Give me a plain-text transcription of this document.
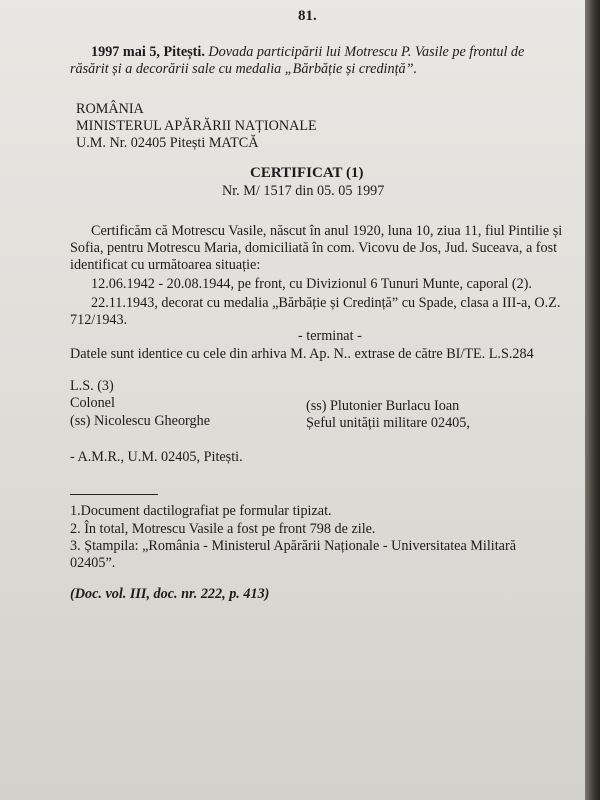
81.
1997 mai 5, Pitești. Dovada participării lui Motrescu P. Vasile pe frontul de
răsărit și a decorării sale cu medalia „Bărbăție și credință”.
ROMÂNIA
MINISTERUL APĂRĂRII NAȚIONALE
U.M. Nr. 02405 Pitești MATCĂ
CERTIFICAT (1)
Nr. M/ 1517 din 05. 05 1997
Certificăm că Motrescu Vasile, născut în anul 1920, luna 10, ziua 11, fiul Pintilie și
Sofia, pentru Motrescu Maria, domiciliată în com. Vicovu de Jos, Jud. Suceava, a fost
identificat cu următoarea situație:
12.06.1942 - 20.08.1944, pe front, cu Divizionul 6 Tunuri Munte, caporal (2).
22.11.1943, decorat cu medalia „Bărbăție și Credință” cu Spade, clasa a III-a, O.Z.
712/1943.
- terminat -
Datele sunt identice cu cele din arhiva M. Ap. N.. extrase de către BI/TE. L.S.284
L.S. (3)
Colonel
(ss) Nicolescu Gheorghe
(ss) Plutonier Burlacu Ioan
Șeful unității militare 02405,
- A.M.R., U.M. 02405, Pitești.
1.Document dactilografiat pe formular tipizat.
2. În total, Motrescu Vasile a fost pe front 798 de zile.
3. Ștampila: „România - Ministerul Apărării Naționale - Universitatea Militară
02405”.
(Doc. vol. III, doc. nr. 222, p. 413)
